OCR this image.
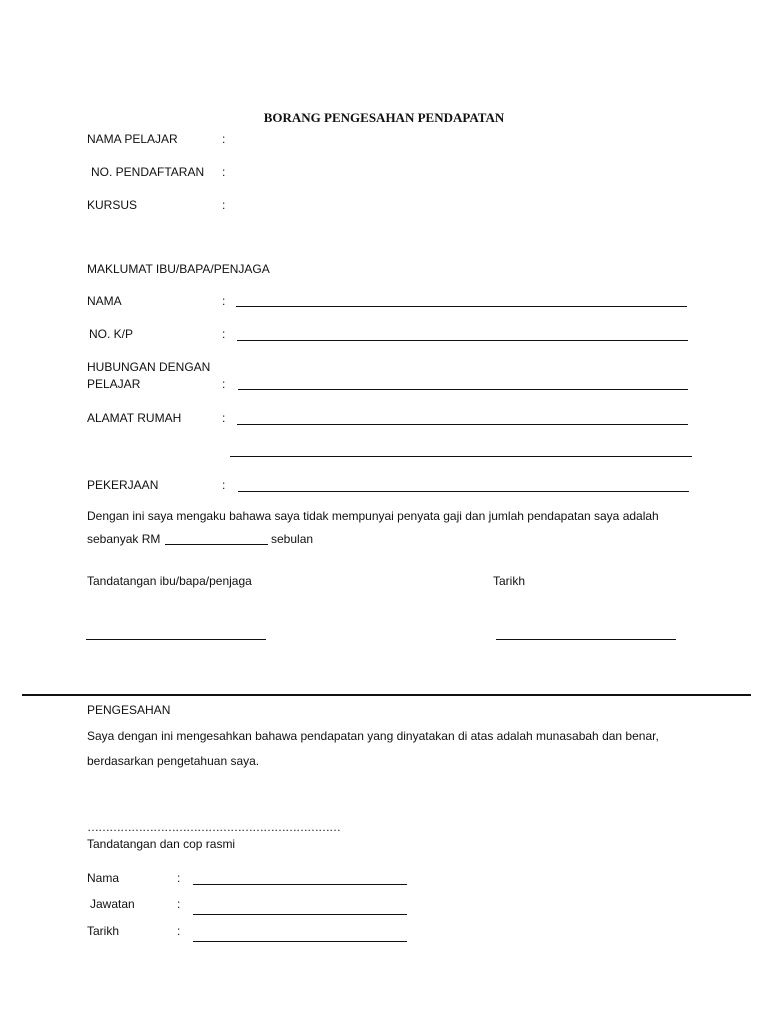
BORANG PENGESAHAN PENDAPATAN
NAMA PELAJAR	:
NO. PENDAFTARAN :
KURSUS	:
MAKLUMAT IBU/BAPA/PENJAGA
NAMA	:
NO. K/P	:
HUBUNGAN DENGAN
PELAJAR	:
ALAMAT RUMAH	:
PEKERJAAN	:
Dengan ini saya mengaku bahawa saya tidak mempunyai penyata gaji dan jumlah pendapatan saya adalah
sebanyak RM	sebulan
Tandatangan ibu/bapa/penjaga	Tarikh
PENGESAHAN
Saya dengan ini mengesahkan bahawa pendapatan yang dinyatakan di atas adalah munasabah dan benar,
berdasarkan pengetahuan saya.
……………………………………………………………
Tandatangan dan cop rasmi
Nama	:
Jawatan	:
Tarikh	:
